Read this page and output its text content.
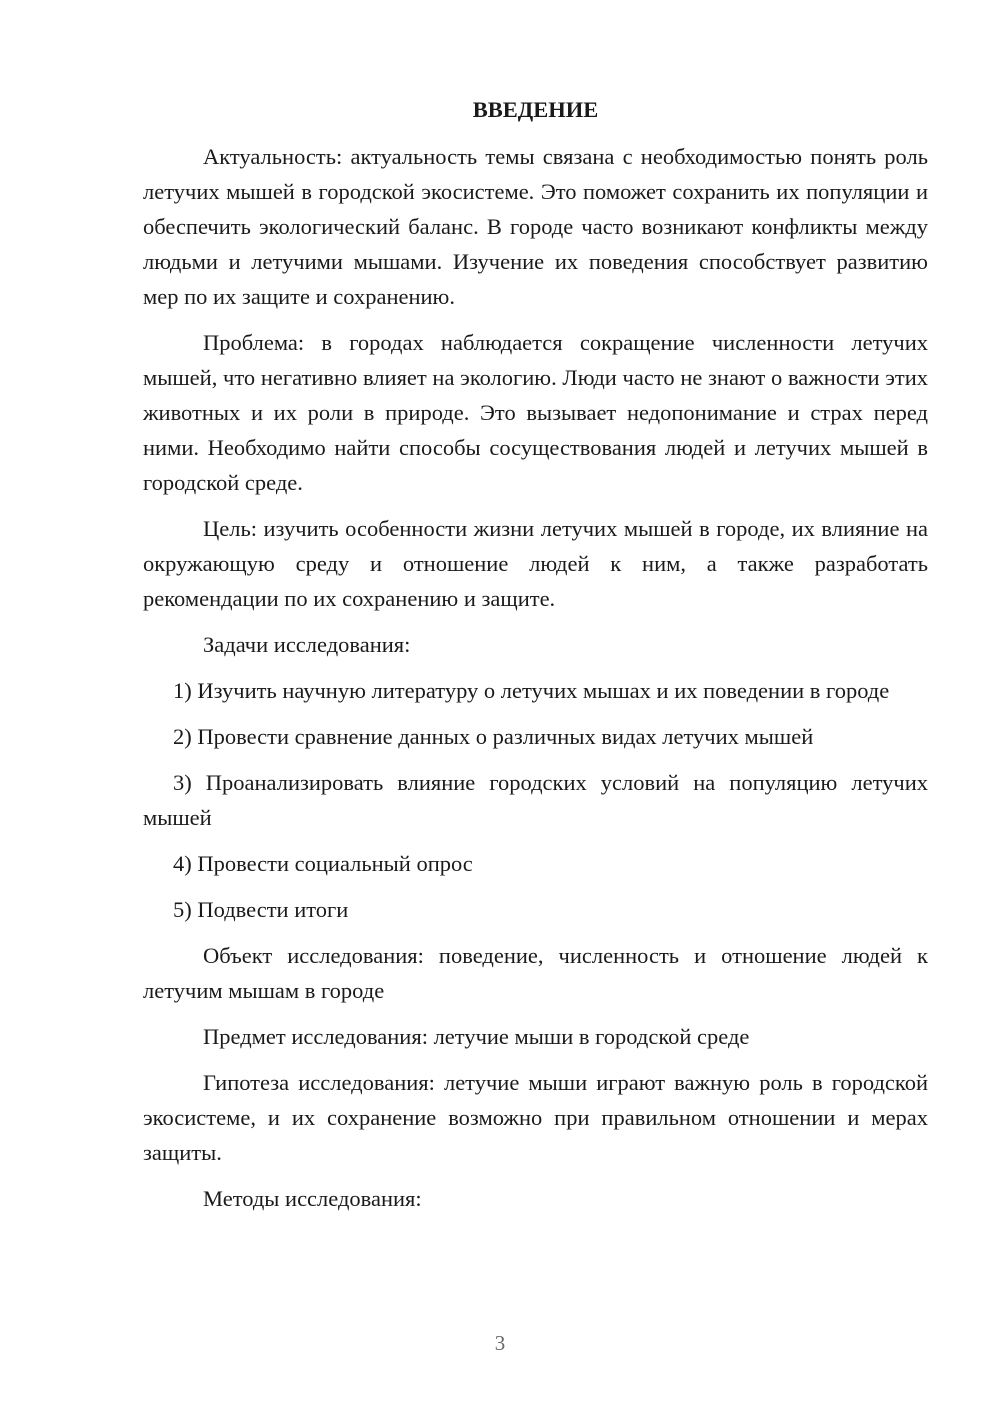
ВВЕДЕНИЕ

Актуальность: актуальность темы связана с необходимостью понять роль летучих мышей в городской экосистеме. Это поможет сохранить их популяции и обеспечить экологический баланс. В городе часто возникают конфликты между людьми и летучими мышами. Изучение их поведения способствует развитию мер по их защите и сохранению.

Проблема: в городах наблюдается сокращение численности летучих мышей, что негативно влияет на экологию. Люди часто не знают о важности этих животных и их роли в природе. Это вызывает недопонимание и страх перед ними. Необходимо найти способы сосуществования людей и летучих мышей в городской среде.

Цель: изучить особенности жизни летучих мышей в городе, их влияние на окружающую среду и отношение людей к ним, а также разработать рекомендации по их сохранению и защите.

Задачи исследования:

1) Изучить научную литературу о летучих мышах и их поведении в городе

2) Провести сравнение данных о различных видах летучих мышей

3) Проанализировать влияние городских условий на популяцию летучих мышей

4) Провести социальный опрос

5) Подвести итоги

Объект исследования: поведение, численность и отношение людей к летучим мышам в городе

Предмет исследования: летучие мыши в городской среде

Гипотеза исследования: летучие мыши играют важную роль в городской экосистеме, и их сохранение возможно при правильном отношении и мерах защиты.

Методы исследования:

3
